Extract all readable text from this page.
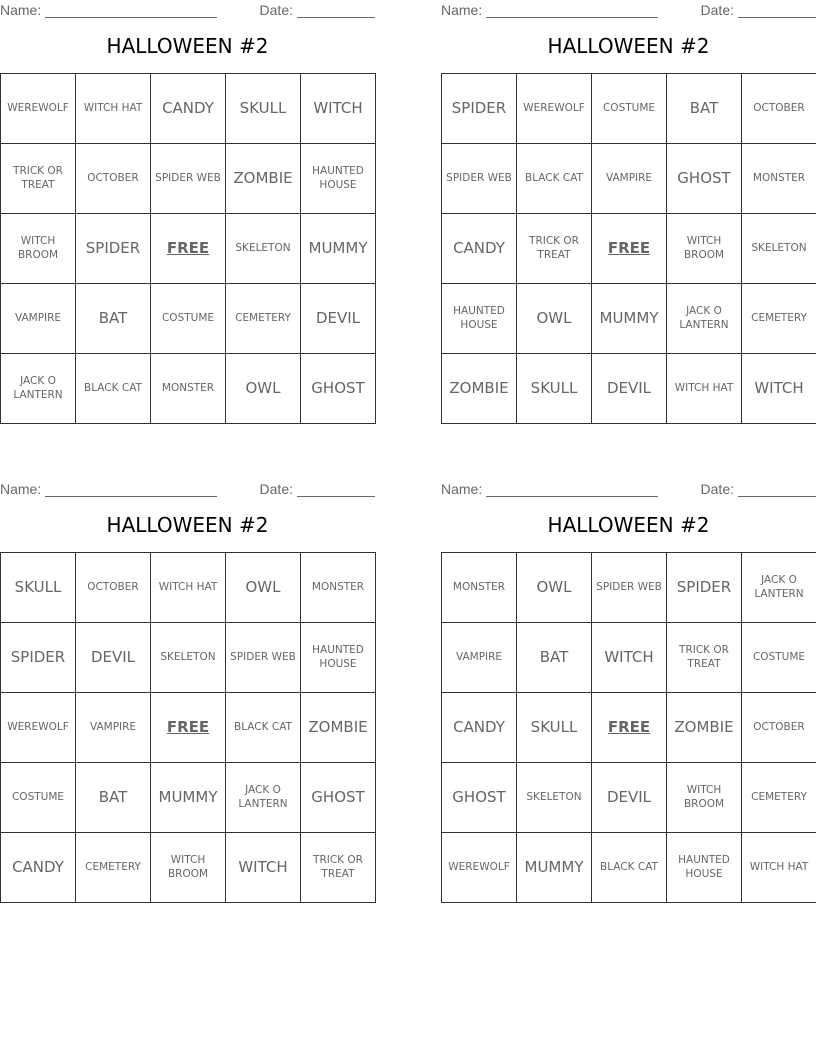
Name:	Date:
HALLOWEEN #2
WEREWOLF	WITCH HAT	CANDY	SKULL	WITCH
TRICK OR TREAT	OCTOBER	SPIDER WEB	ZOMBIE	HAUNTED HOUSE
WITCH BROOM	SPIDER	FREE	SKELETON	MUMMY
VAMPIRE	BAT	COSTUME	CEMETERY	DEVIL
JACK O LANTERN	BLACK CAT	MONSTER	OWL	GHOST
Name:	Date:
HALLOWEEN #2
SPIDER	WEREWOLF	COSTUME	BAT	OCTOBER
SPIDER WEB	BLACK CAT	VAMPIRE	GHOST	MONSTER
CANDY	TRICK OR TREAT	FREE	WITCH BROOM	SKELETON
HAUNTED HOUSE	OWL	MUMMY	JACK O LANTERN	CEMETERY
ZOMBIE	SKULL	DEVIL	WITCH HAT	WITCH
Name:	Date:
HALLOWEEN #2
SKULL	OCTOBER	WITCH HAT	OWL	MONSTER
SPIDER	DEVIL	SKELETON	SPIDER WEB	HAUNTED HOUSE
WEREWOLF	VAMPIRE	FREE	BLACK CAT	ZOMBIE
COSTUME	BAT	MUMMY	JACK O LANTERN	GHOST
CANDY	CEMETERY	WITCH BROOM	WITCH	TRICK OR TREAT
Name:	Date:
HALLOWEEN #2
MONSTER	OWL	SPIDER WEB	SPIDER	JACK O LANTERN
VAMPIRE	BAT	WITCH	TRICK OR TREAT	COSTUME
CANDY	SKULL	FREE	ZOMBIE	OCTOBER
GHOST	SKELETON	DEVIL	WITCH BROOM	CEMETERY
WEREWOLF	MUMMY	BLACK CAT	HAUNTED HOUSE	WITCH HAT
